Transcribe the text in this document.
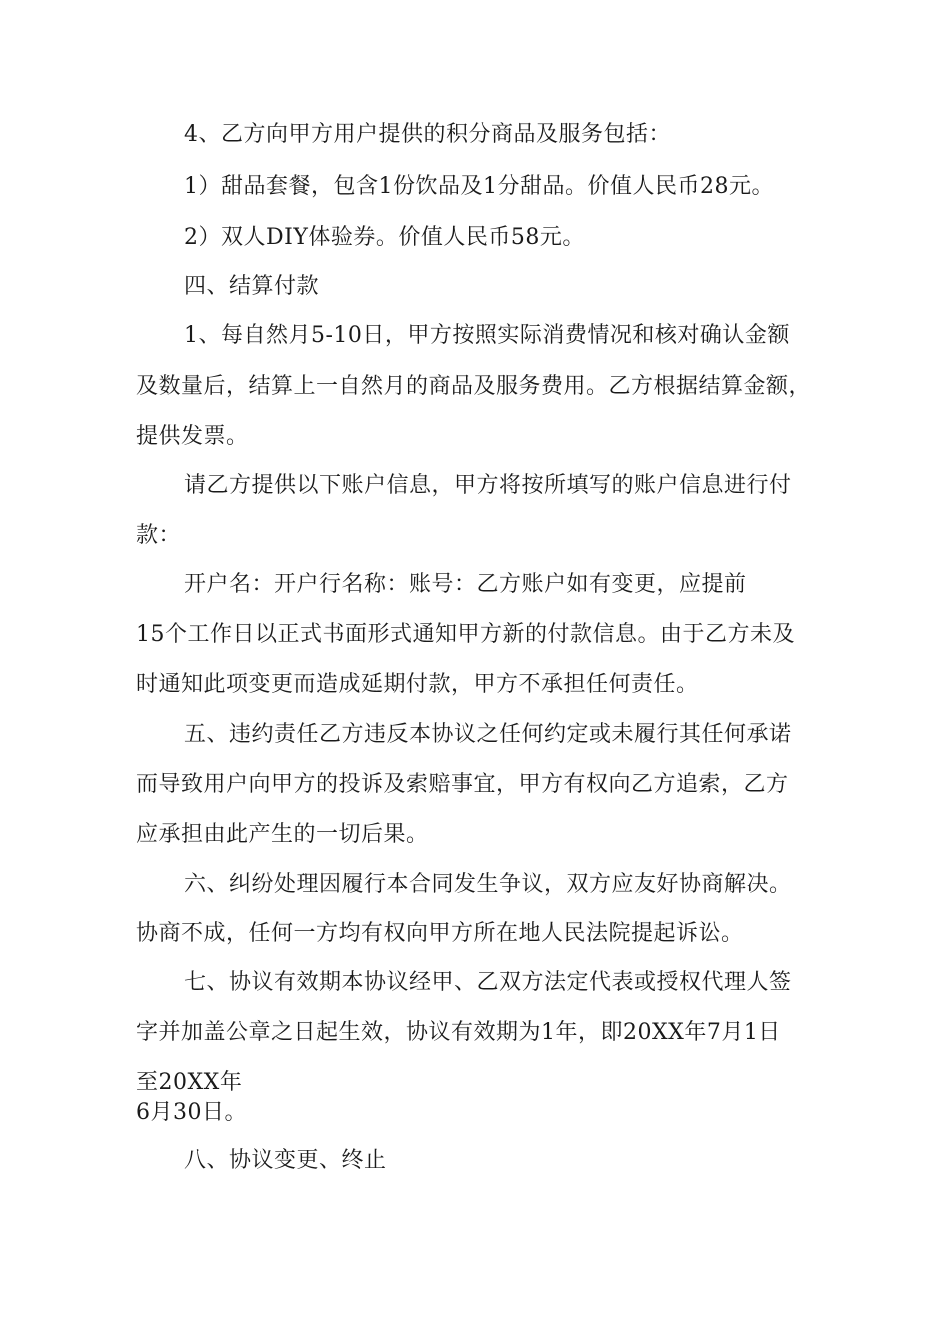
4、乙方向甲方用户提供的积分商品及服务包括：
1）甜品套餐，包含1份饮品及1分甜品。价值人民币28元。
2）双人DIY体验券。价值人民币58元。
四、结算付款
1、每自然月5-10日，甲方按照实际消费情况和核对确认金额
及数量后，结算上一自然月的商品及服务费用。乙方根据结算金额，
提供发票。
请乙方提供以下账户信息，甲方将按所填写的账户信息进行付
款：
开户名：开户行名称：账号：乙方账户如有变更，应提前
15个工作日以正式书面形式通知甲方新的付款信息。由于乙方未及
时通知此项变更而造成延期付款，甲方不承担任何责任。
五、违约责任乙方违反本协议之任何约定或未履行其任何承诺
而导致用户向甲方的投诉及索赔事宜，甲方有权向乙方追索，乙方
应承担由此产生的一切后果。
六、纠纷处理因履行本合同发生争议，双方应友好协商解决。
协商不成，任何一方均有权向甲方所在地人民法院提起诉讼。
七、协议有效期本协议经甲、乙双方法定代表或授权代理人签
字并加盖公章之日起生效，协议有效期为1年，即20XX年7月1日
至20XX年
6月30日。
八、协议变更、终止
